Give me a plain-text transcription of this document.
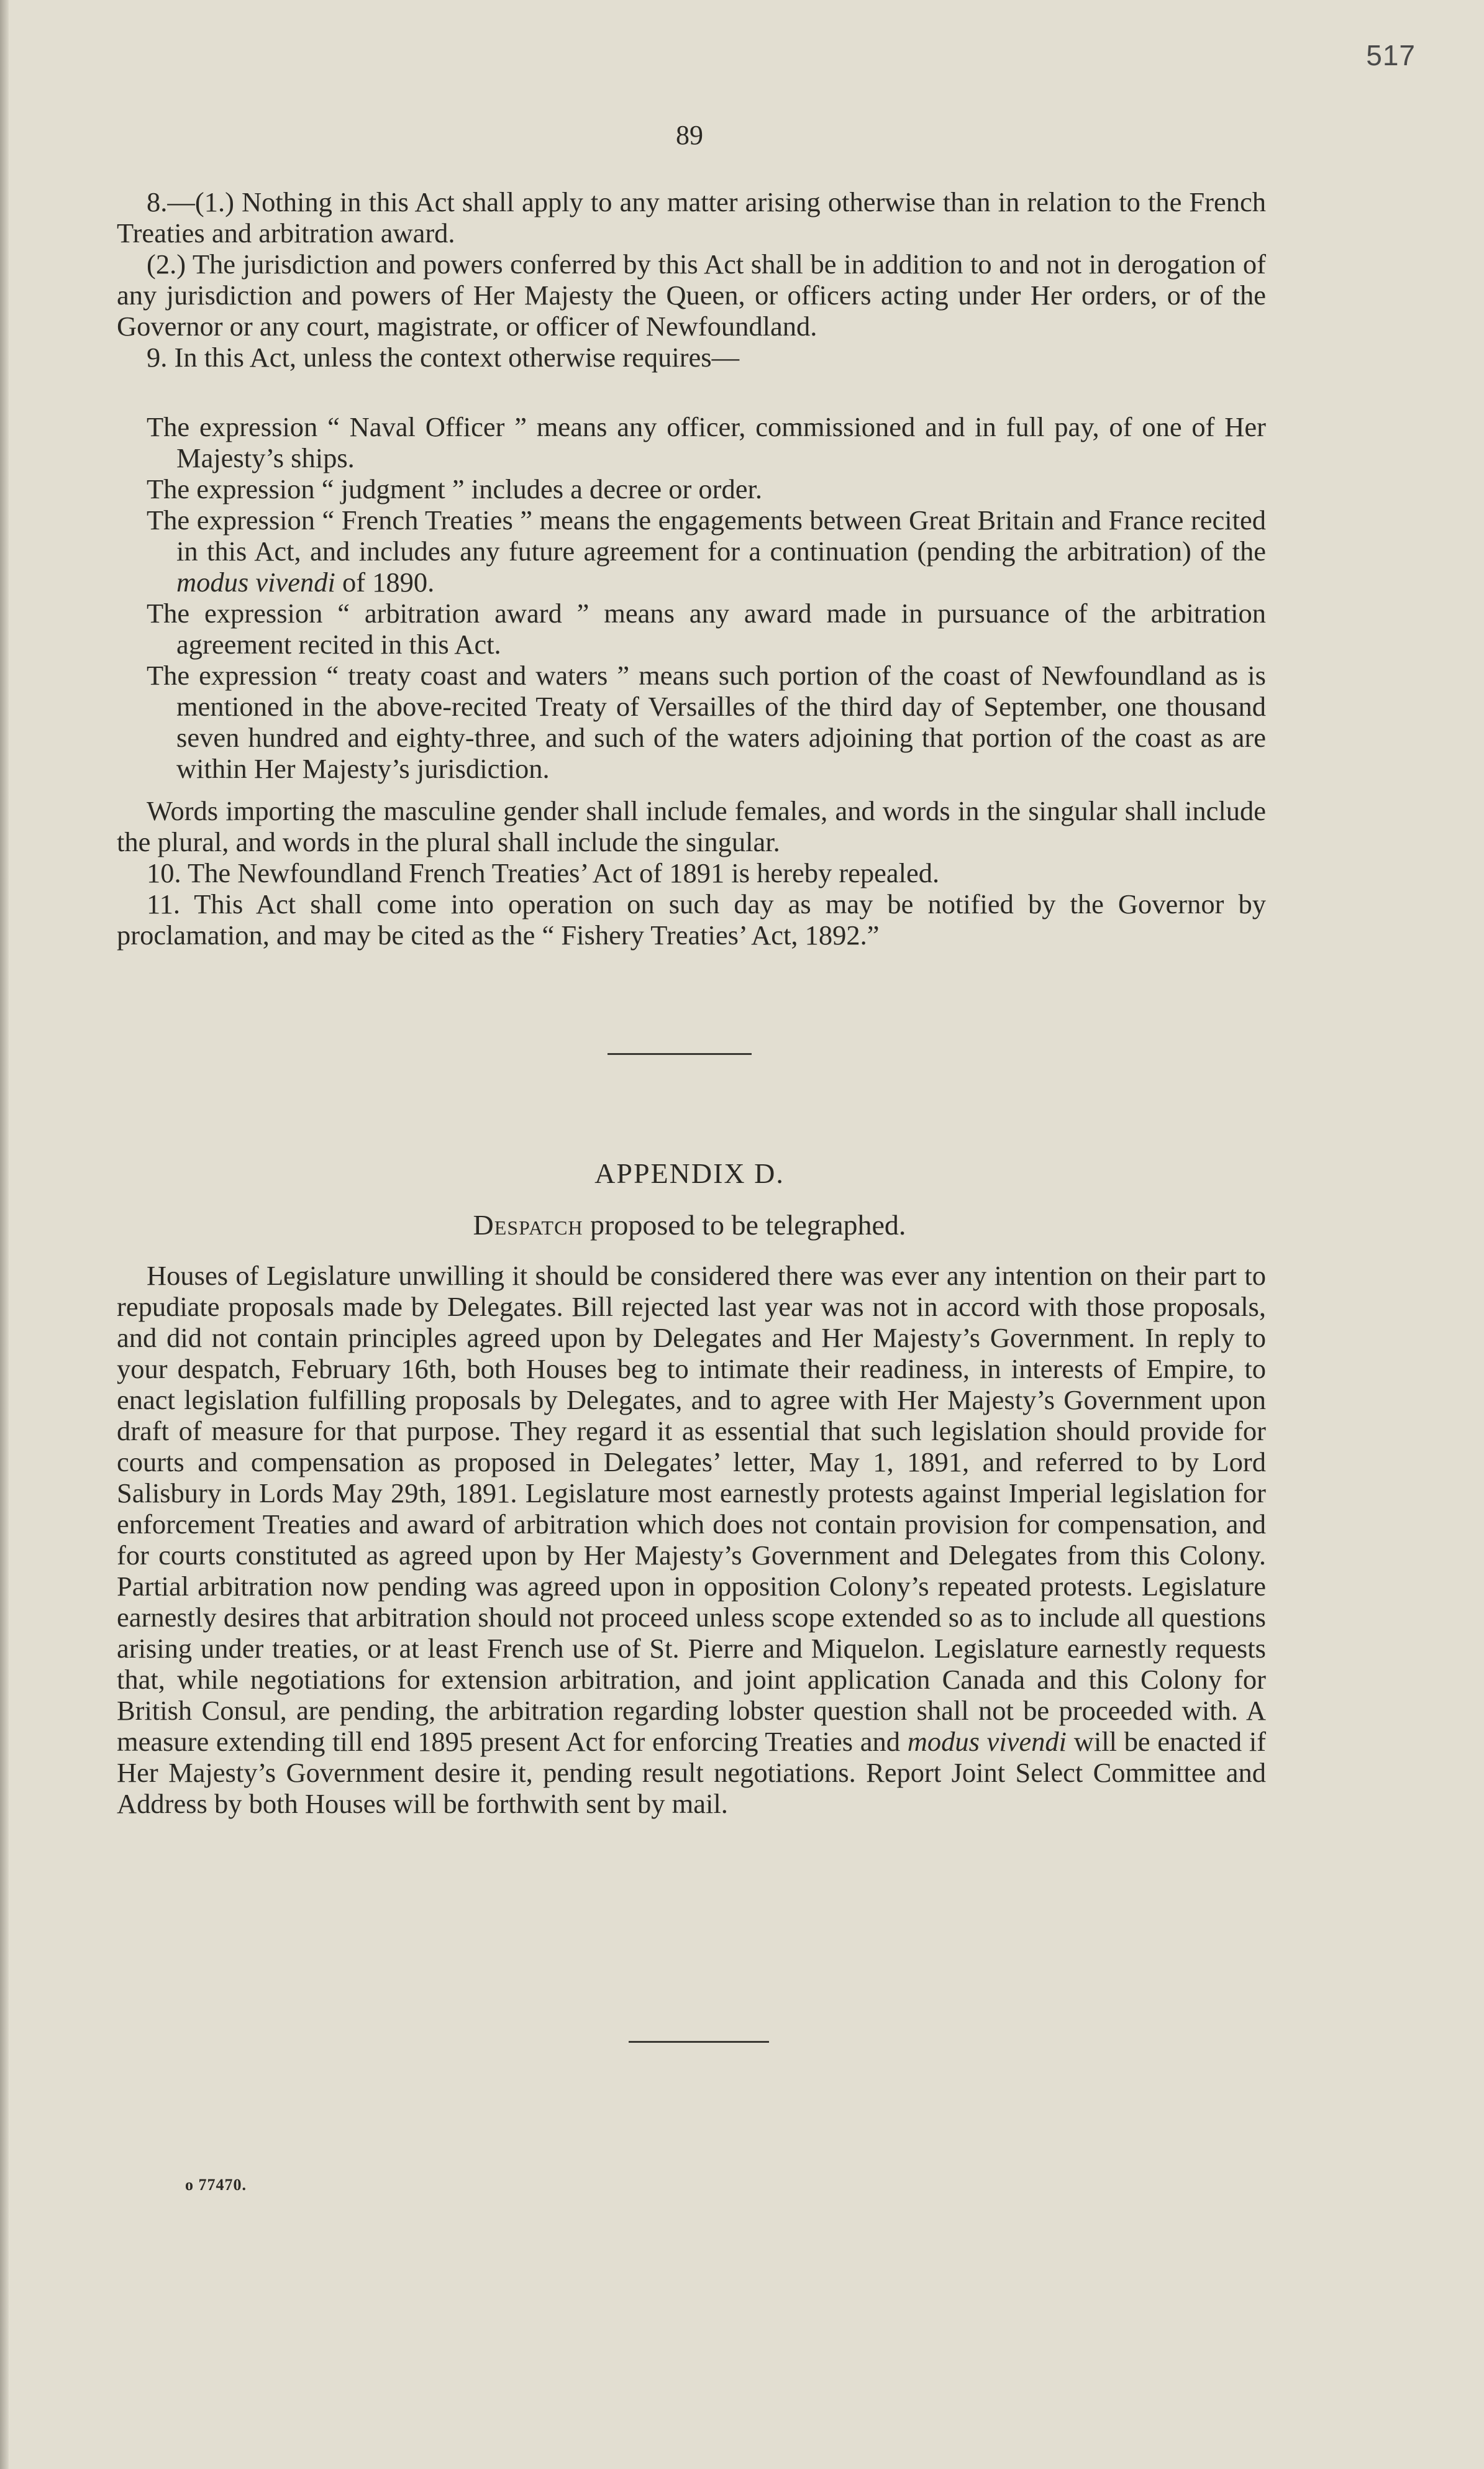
517
89

8.—(1.) Nothing in this Act shall apply to any matter arising otherwise than in relation to the French Treaties and arbitration award.

(2.) The jurisdiction and powers conferred by this Act shall be in addition to and not in derogation of any jurisdiction and powers of Her Majesty the Queen, or officers acting under Her orders, or of the Governor or any court, magistrate, or officer of Newfoundland.

9. In this Act, unless the context otherwise requires—

The expression “ Naval Officer ” means any officer, commissioned and in full pay, of one of Her Majesty’s ships.

The expression “ judgment ” includes a decree or order.

The expression “ French Treaties ” means the engagements between Great Britain and France recited in this Act, and includes any future agreement for a continuation (pending the arbitration) of the modus vivendi of 1890.

The expression “ arbitration award ” means any award made in pursuance of the arbitration agreement recited in this Act.

The expression “ treaty coast and waters ” means such portion of the coast of Newfoundland as is mentioned in the above-recited Treaty of Versailles of the third day of September, one thousand seven hundred and eighty-three, and such of the waters adjoining that portion of the coast as are within Her Majesty’s jurisdiction.

Words importing the masculine gender shall include females, and words in the singular shall include the plural, and words in the plural shall include the singular.

10. The Newfoundland French Treaties’ Act of 1891 is hereby repealed.

11. This Act shall come into operation on such day as may be notified by the Governor by proclamation, and may be cited as the “ Fishery Treaties’ Act, 1892.”

APPENDIX D.
Despatch proposed to be telegraphed.

Houses of Legislature unwilling it should be considered there was ever any intention on their part to repudiate proposals made by Delegates. Bill rejected last year was not in accord with those proposals, and did not contain principles agreed upon by Delegates and Her Majesty’s Government. In reply to your despatch, February 16th, both Houses beg to intimate their readiness, in interests of Empire, to enact legislation fulfilling proposals by Delegates, and to agree with Her Majesty’s Government upon draft of measure for that purpose. They regard it as essential that such legislation should provide for courts and compensation as proposed in Delegates’ letter, May 1, 1891, and referred to by Lord Salisbury in Lords May 29th, 1891. Legislature most earnestly protests against Imperial legislation for enforcement Treaties and award of arbitration which does not contain provision for compensation, and for courts constituted as agreed upon by Her Majesty’s Government and Delegates from this Colony. Partial arbitration now pending was agreed upon in opposition Colony’s repeated protests. Legislature earnestly desires that arbitration should not proceed unless scope extended so as to include all questions arising under treaties, or at least French use of St. Pierre and Miquelon. Legislature earnestly requests that, while negotiations for extension arbitration, and joint application Canada and this Colony for British Consul, are pending, the arbitration regarding lobster question shall not be proceeded with. A measure extending till end 1895 present Act for enforcing Treaties and modus vivendi will be enacted if Her Majesty’s Government desire it, pending result negotiations. Report Joint Select Committee and Address by both Houses will be forthwith sent by mail.

o 77470.
